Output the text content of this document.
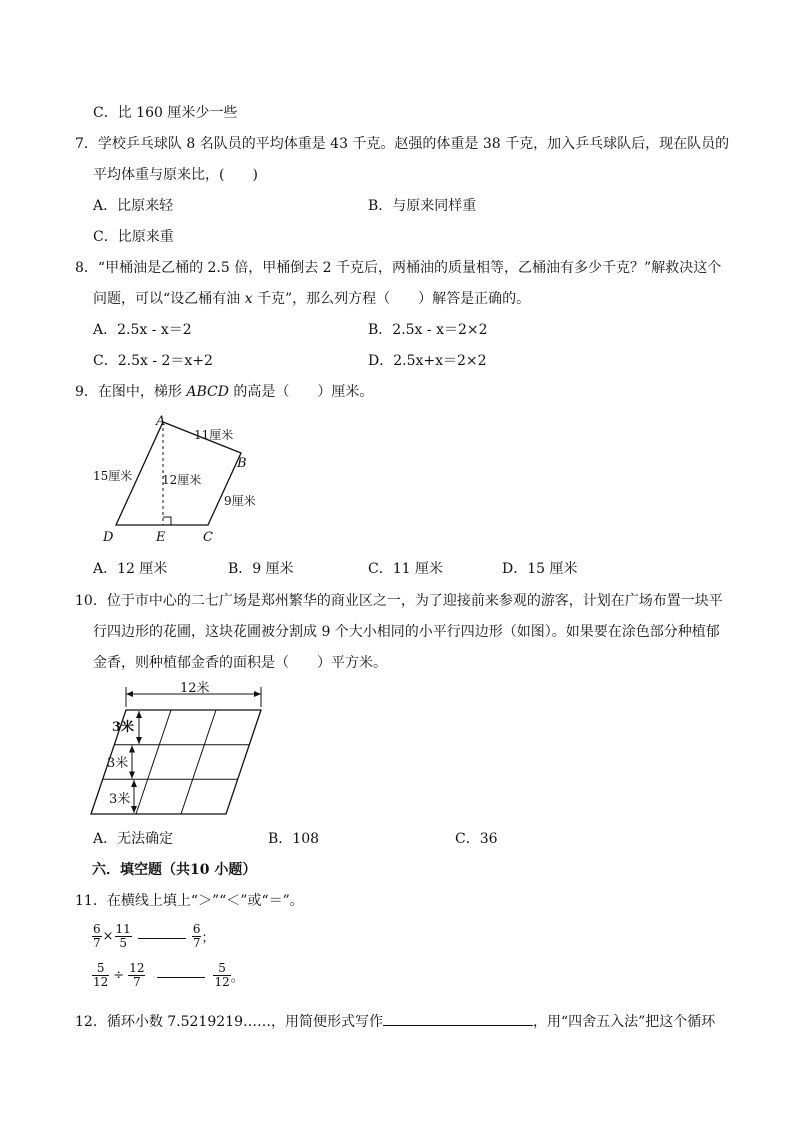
C．比 160 厘米少一些
7．学校乒乓球队 8 名队员的平均体重是 43 千克。赵强的体重是 38 千克，加入乒乓球队后，现在队员的
平均体重与原来比，(　　)
A．比原来轻	B．与原来同样重
C．比原来重
8．“甲桶油是乙桶的 2.5 倍，甲桶倒去 2 千克后，两桶油的质量相等，乙桶油有多少千克？”解救决这个
问题，可以“设乙桶有油 x 千克”，那么列方程（　　）解答是正确的。
A．2.5x - x＝2	B．2.5x - x＝2×2
C．2.5x - 2＝x+2	D．2.5x+x＝2×2
9．在图中，梯形 ABCD 的高是（　　）厘米。
A
B
C
D	E
11厘米
9厘米
15厘米 12厘米
A．12 厘米	B．9 厘米	C．11 厘米	D．15 厘米
10．位于市中心的二七广场是郑州繁华的商业区之一，为了迎接前来参观的游客，计划在广场布置一块平
行四边形的花圃，这块花圃被分割成 9 个大小相同的小平行四边形（如图）。如果要在涂色部分种植郁
金香，则种植郁金香的面积是（　　）平方米。
12米
3米
3米
3米
A．无法确定	B．108	C．36
六．填空题（共10 小题）
11．在横线上填上“＞”“＜”或“＝”。
$\frac{6}{7} \times \frac{11}{5}$	$\frac{6}{7}$ ；
$\frac{5}{12} \div \frac{12}{7}$	$\frac{5}{12}$ 。
12．循环小数 7.5219219……，用简便形式写作	，用“四舍五入法”把这个循环
